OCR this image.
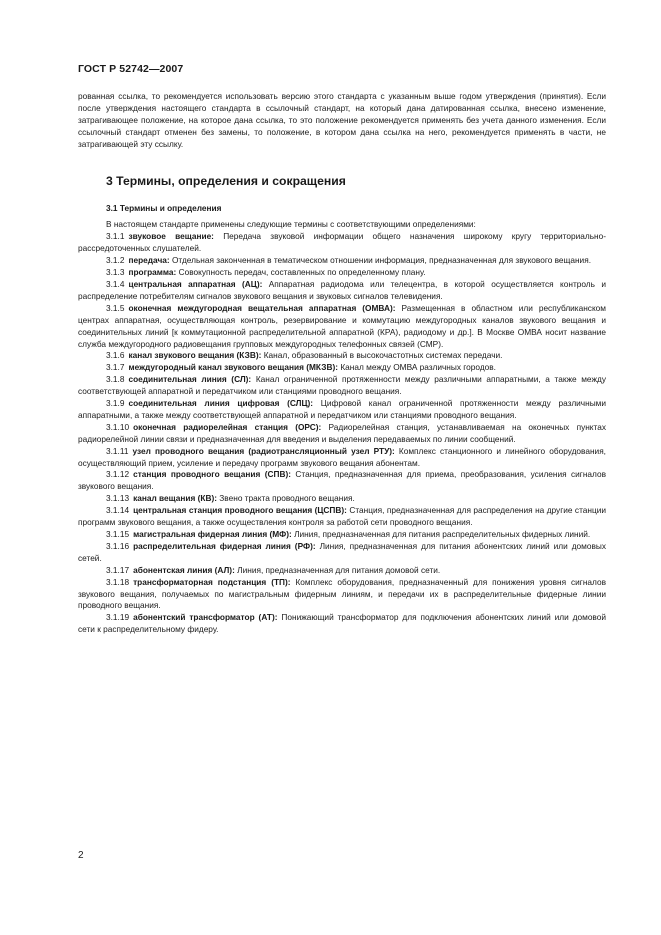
ГОСТ Р 52742—2007

рованная ссылка, то рекомендуется использовать версию этого стандарта с указанным выше годом утверждения (принятия). Если после утверждения настоящего стандарта в ссылочный стандарт, на который дана датированная ссылка, внесено изменение, затрагивающее положение, на которое дана ссылка, то это положение рекомендуется применять без учета данного изменения. Если ссылочный стандарт отменен без замены, то положение, в котором дана ссылка на него, рекомендуется применять в части, не затрагивающей эту ссылку.

3 Термины, определения и сокращения
3.1 Термины и определения

В настоящем стандарте применены следующие термины с соответствующими определениями:

3.1.1 звуковое вещание: Передача звуковой информации общего назначения широкому кругу территориально-рассредоточенных слушателей.

3.1.2 передача: Отдельная законченная в тематическом отношении информация, предназначенная для звукового вещания.

3.1.3 программа: Совокупность передач, составленных по определенному плану.

3.1.4 центральная аппаратная (АЦ): Аппаратная радиодома или телецентра, в которой осуществляется контроль и распределение потребителям сигналов звукового вещания и звуковых сигналов телевидения.

3.1.5 оконечная междугородная вещательная аппаратная (ОМВА): Размещенная в областном или республиканском центрах аппаратная, осуществляющая контроль, резервирование и коммутацию междугородных каналов звукового вещания и соединительных линий [к коммутационной распределительной аппаратной (КРА), радиодому и др.]. В Москве ОМВА носит название служба междугородного радиовещания групповых междугородных телефонных связей (СМР).

3.1.6 канал звукового вещания (КЗВ): Канал, образованный в высокочастотных системах передачи.

3.1.7 междугородный канал звукового вещания (МКЗВ): Канал между ОМВА различных городов.

3.1.8 соединительная линия (СЛ): Канал ограниченной протяженности между различными аппаратными, а также между соответствующей аппаратной и передатчиком или станциями проводного вещания.

3.1.9 соединительная линия цифровая (СЛЦ): Цифровой канал ограниченной протяженности между различными аппаратными, а также между соответствующей аппаратной и передатчиком или станциями проводного вещания.

3.1.10 оконечная радиорелейная станция (ОРС): Радиорелейная станция, устанавливаемая на оконечных пунктах радиорелейной линии связи и предназначенная для введения и выделения передаваемых по линии сообщений.

3.1.11 узел проводного вещания (радиотрансляционный узел РТУ): Комплекс станционного и линейного оборудования, осуществляющий прием, усиление и передачу программ звукового вещания абонентам.

3.1.12 станция проводного вещания (СПВ): Станция, предназначенная для приема, преобразования, усиления сигналов звукового вещания.

3.1.13 канал вещания (КВ): Звено тракта проводного вещания.

3.1.14 центральная станция проводного вещания (ЦСПВ): Станция, предназначенная для распределения на другие станции программ звукового вещания, а также осуществления контроля за работой сети проводного вещания.

3.1.15 магистральная фидерная линия (МФ): Линия, предназначенная для питания распределительных фидерных линий.

3.1.16 распределительная фидерная линия (РФ): Линия, предназначенная для питания абонентских линий или домовых сетей.

3.1.17 абонентская линия (АЛ): Линия, предназначенная для питания домовой сети.

3.1.18 трансформаторная подстанция (ТП): Комплекс оборудования, предназначенный для понижения уровня сигналов звукового вещания, получаемых по магистральным фидерным линиям, и передачи их в распределительные фидерные линии проводного вещания.

3.1.19 абонентский трансформатор (АТ): Понижающий трансформатор для подключения абонентских линий или домовой сети к распределительному фидеру.

2
